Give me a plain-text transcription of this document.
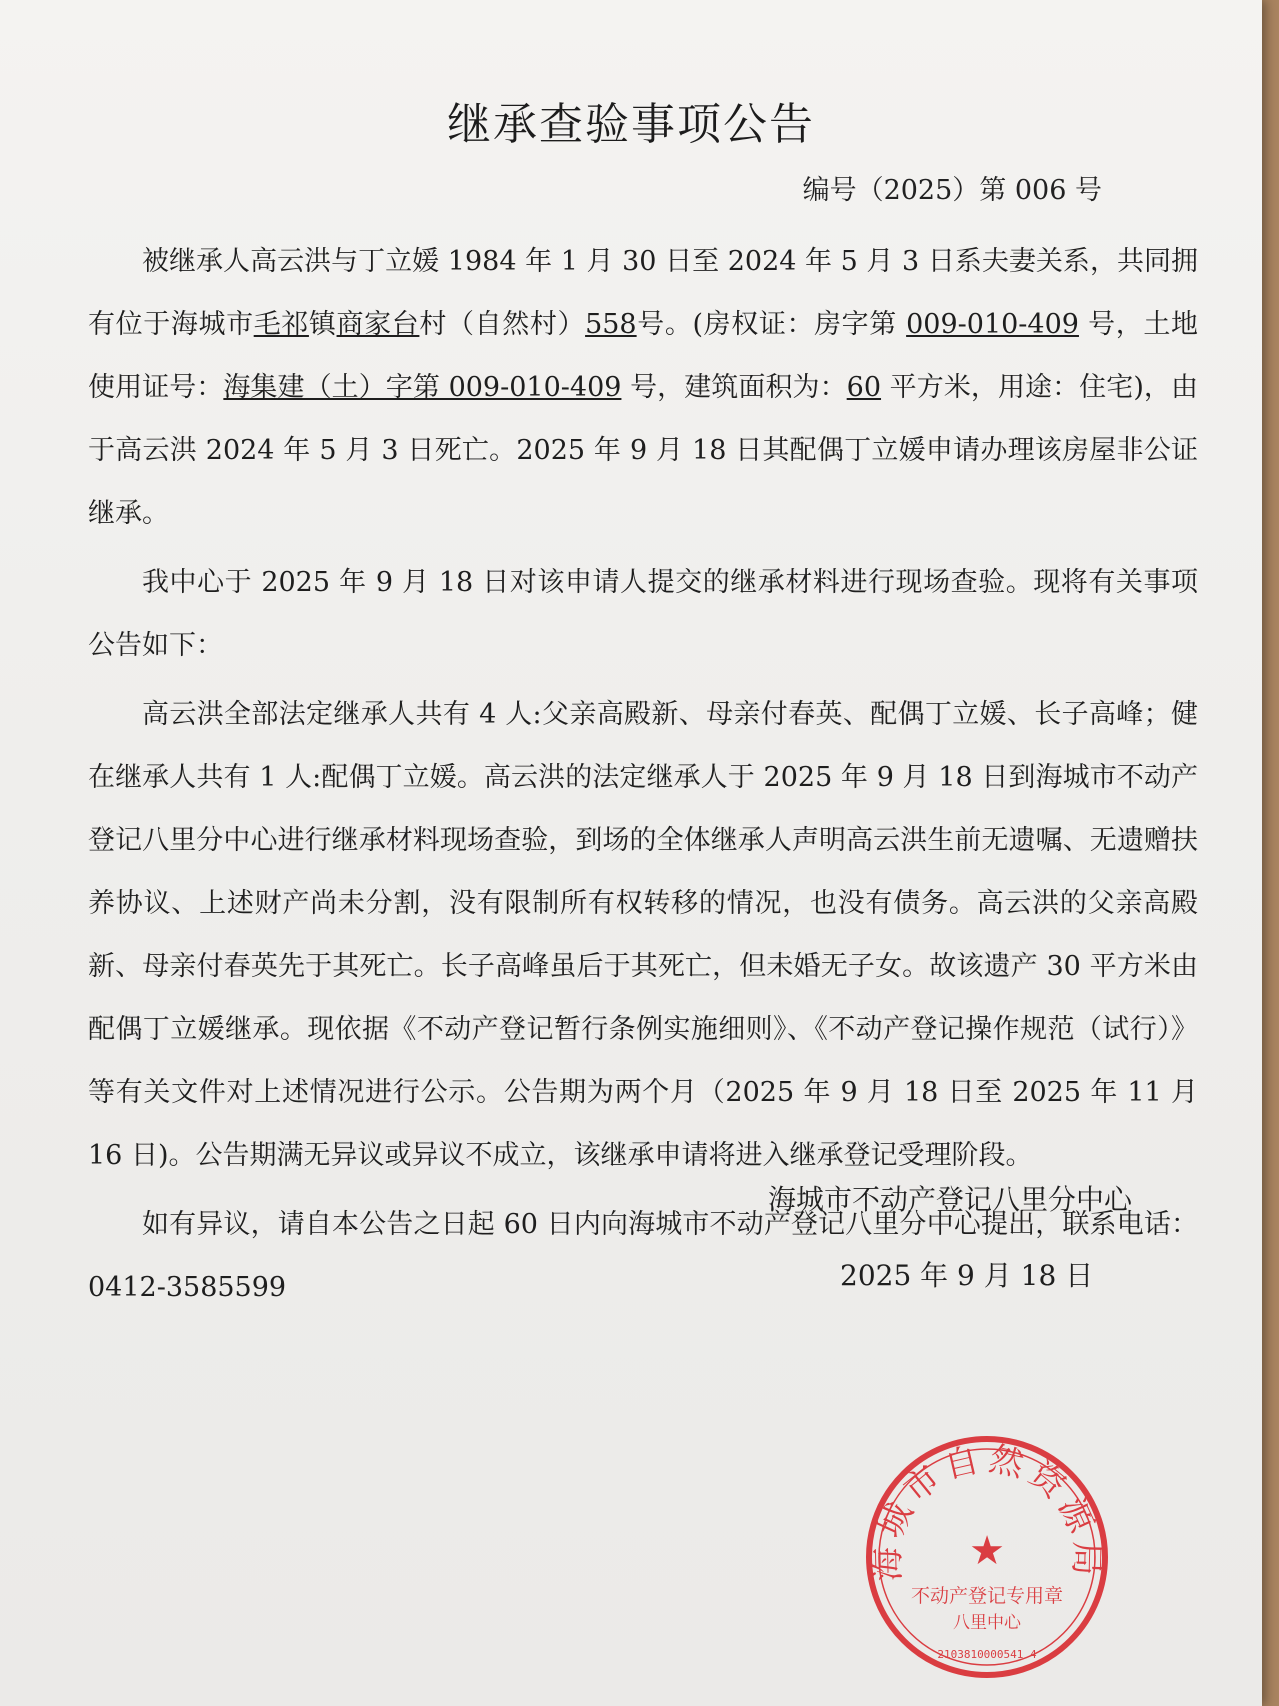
继承查验事项公告
编号（2025）第 006 号

被继承人高云洪与丁立媛 1984 年 1 月 30 日至 2024 年 5 月 3 日系夫妻关系，共同拥有位于海城市毛祁镇商家台村（自然村）558号。(房权证：房字第 009-010-409 号，土地使用证号：海集建（土）字第 009-010-409 号，建筑面积为：60 平方米，用途：住宅)，由于高云洪 2024 年 5 月 3 日死亡。2025 年 9 月 18 日其配偶丁立媛申请办理该房屋非公证继承。

我中心于 2025 年 9 月 18 日对该申请人提交的继承材料进行现场查验。现将有关事项公告如下：

高云洪全部法定继承人共有 4 人:父亲高殿新、母亲付春英、配偶丁立媛、长子高峰；健在继承人共有 1 人:配偶丁立媛。高云洪的法定继承人于 2025 年 9 月 18 日到海城市不动产登记八里分中心进行继承材料现场查验，到场的全体继承人声明高云洪生前无遗嘱、无遗赠扶养协议、上述财产尚未分割，没有限制所有权转移的情况，也没有债务。高云洪的父亲高殿新、母亲付春英先于其死亡。长子高峰虽后于其死亡，但未婚无子女。故该遗产 30 平方米由配偶丁立媛继承。现依据《不动产登记暂行条例实施细则》、《不动产登记操作规范（试行）》等有关文件对上述情况进行公示。公告期为两个月（2025 年 9 月 18 日至 2025 年 11 月 16 日)。公告期满无异议或异议不成立，该继承申请将进入继承登记受理阶段。

如有异议，请自本公告之日起 60 日内向海城市不动产登记八里分中心提出，联系电话：0412-3585599

海城市不动产登记八里分中心
2025 年 9 月 18 日
海城市自然资源局
★
不动产登记专用章
八里中心
2103810000541 4
